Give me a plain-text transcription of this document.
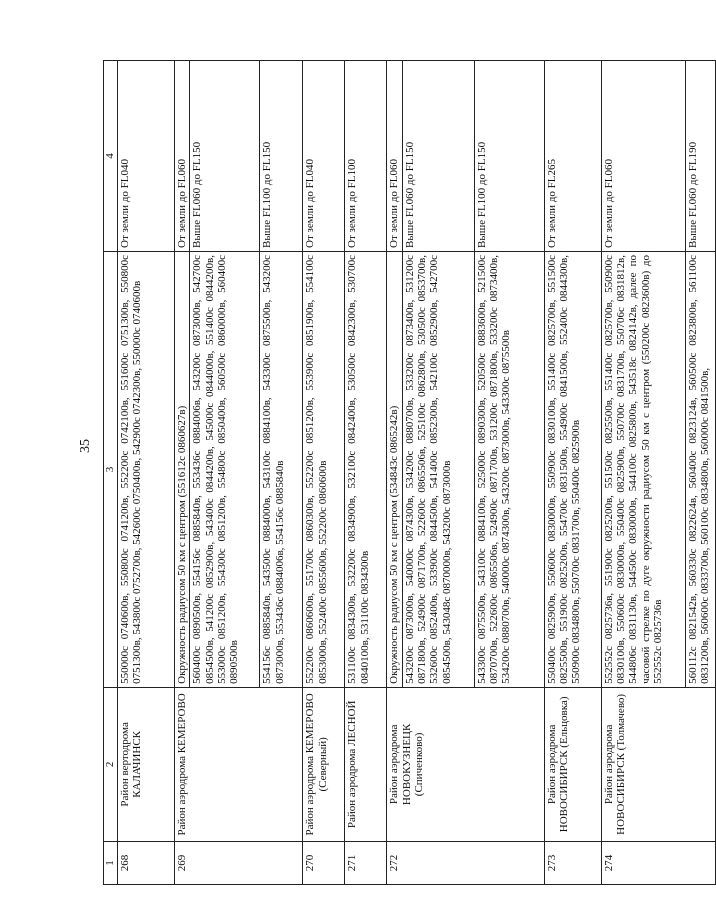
35

1	2	3	4
268	Район вертодрома КАЛАЧИНСК	550000с 0740600в, 550800с 0741200в, 552200с 0742100в, 551600с 0751300в, 550800с 0751300в, 543800с 0752700в, 542600с 0750400в, 542900с 0742300в, 550000с 0740600в	От земли до FL040
269	Район аэродрома КЕМЕРОВО	Окружность радиусом 50 км с центром (551612с 0860627в)	От земли до FL060
		560400с 0890500в, 554156с 0885840в, 553436с 0884006в, 543200с 0873000в, 542700с 0854500в, 541200с 0852900в, 543400с 0844200в, 545000с 0844000в, 551400с 0844200в, 553000с 0851200в, 554300с 0851200в, 554800с 0850400в, 560500с 0860000в, 560400с 0890500в	Выше FL060 до FL150
		554156с 0885840в, 543500с 0884000в, 543100с 0884100в, 543300с 0875500в, 543200с 0873000в, 553436с 0884006в, 554156с 0885840в	Выше FL100 до FL150
270	Район аэродрома КЕМЕРОВО (Северный)	552200с 0860600в, 551700с 0860300в, 552200с 0851200в, 553900с 0851900в, 554100с 0853000в, 552400с 0855600в, 552200с 0860600в	От земли до FL040
271	Район аэродрома ЛЕСНОЙ	531100с 0834300в, 532200с 0834900в, 532100с 0842400в, 530500с 0842300в, 530700с 0840100в, 531100с 0834300в	От земли до FL100
272	Район аэродрома НОВОКУЗНЕЦК (Спиченково)	Окружность радиусом 50 км с центром (534843с 0865242в)	От земли до FL060
		543200с 0873000в, 540000с 0874300в, 534200с 0880700в, 533200с 0873400в, 531200с 0871800в, 524900с 0871700в, 522600с 0865506в, 525100с 0862800в, 530500с 0853700в, 532600с 0852400в, 533900с 0844500в, 541400с 0852300в, 542100с 0852900в, 542700с 0854500в, 543048с 0870000в, 543200с 0873000в	Выше FL060 до FL150
		543300с 0875500в, 543100с 0884100в, 525000с 0890300в, 520500с 0883600в, 521500с 0870700в, 522600с 0865506в, 524900с 0871700в, 531200с 0871800в, 533200с 0873400в, 534200с 0880700в, 540000с 0874300в, 543200с 0873000в, 543300с 0875500в	Выше FL100 до FL150
273	Район аэродрома НОВОСИБИРСК (Ельцовка)	550400с 0825900в, 550600с 0830000в, 550900с 0830100в, 551400с 0825700в, 551500с 0825500в, 551900с 0825200в, 554700с 0831500в, 554900с 0841500в, 552400с 0844300в, 550900с 0834800в, 550700с 0831700в, 550400с 0825900в	От земли до FL265
274	Район аэродрома НОВОСИБИРСК (Толмачево)	552552с 0825736в, 551900с 0825200в, 551500с 0825500в, 551400с 0825700в, 550900с 0830100в, 550600с 0830000в, 550400с 0825900в, 550700с 0831700в, 550706с 0831812в, 544806с 0831130в, 544500с 0830000в, 544100с 0825800в, 543518с 0824142в, далее по часовой стрелке по дуге окружности радиусом 50 км с центром (550200с 0823600в) до 552552с 0825736в	От земли до FL060
		560112с 0821542в, 560330с 0822624в, 560400с 0823124в, 560500с 0823800в, 561100с 0831200в, 560600с 0833700в, 560100с 0834800в, 560000с 0841500в,	Выше FL060 до FL190
